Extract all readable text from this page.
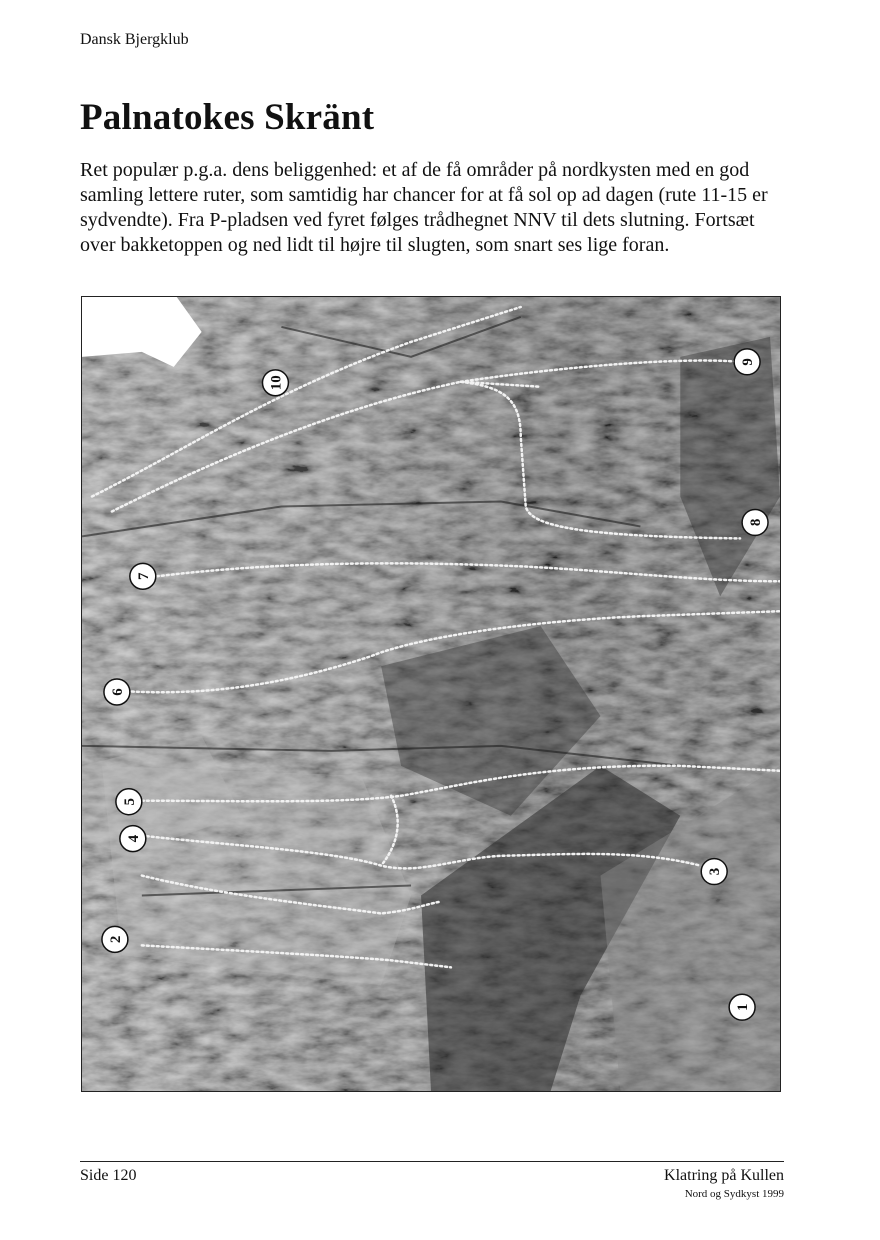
Dansk Bjergklub
Palnatokes Skränt

Ret populær p.g.a. dens beliggenhed: et af de få områder på nordkysten med en god samling lettere ruter, som samtidig har chancer for at få sol op ad dagen (rute 11-15 er sydvendte). Fra P-pladsen ved fyret følges trådhegnet NNV til dets slutning. Fortsæt over bakketoppen og ned lidt til højre til slugten, som snart ses lige foran.

10
9
8
7
6
5
4
3
2
1
Side 120	Klatring på Kullen
Nord og Sydkyst 1999
